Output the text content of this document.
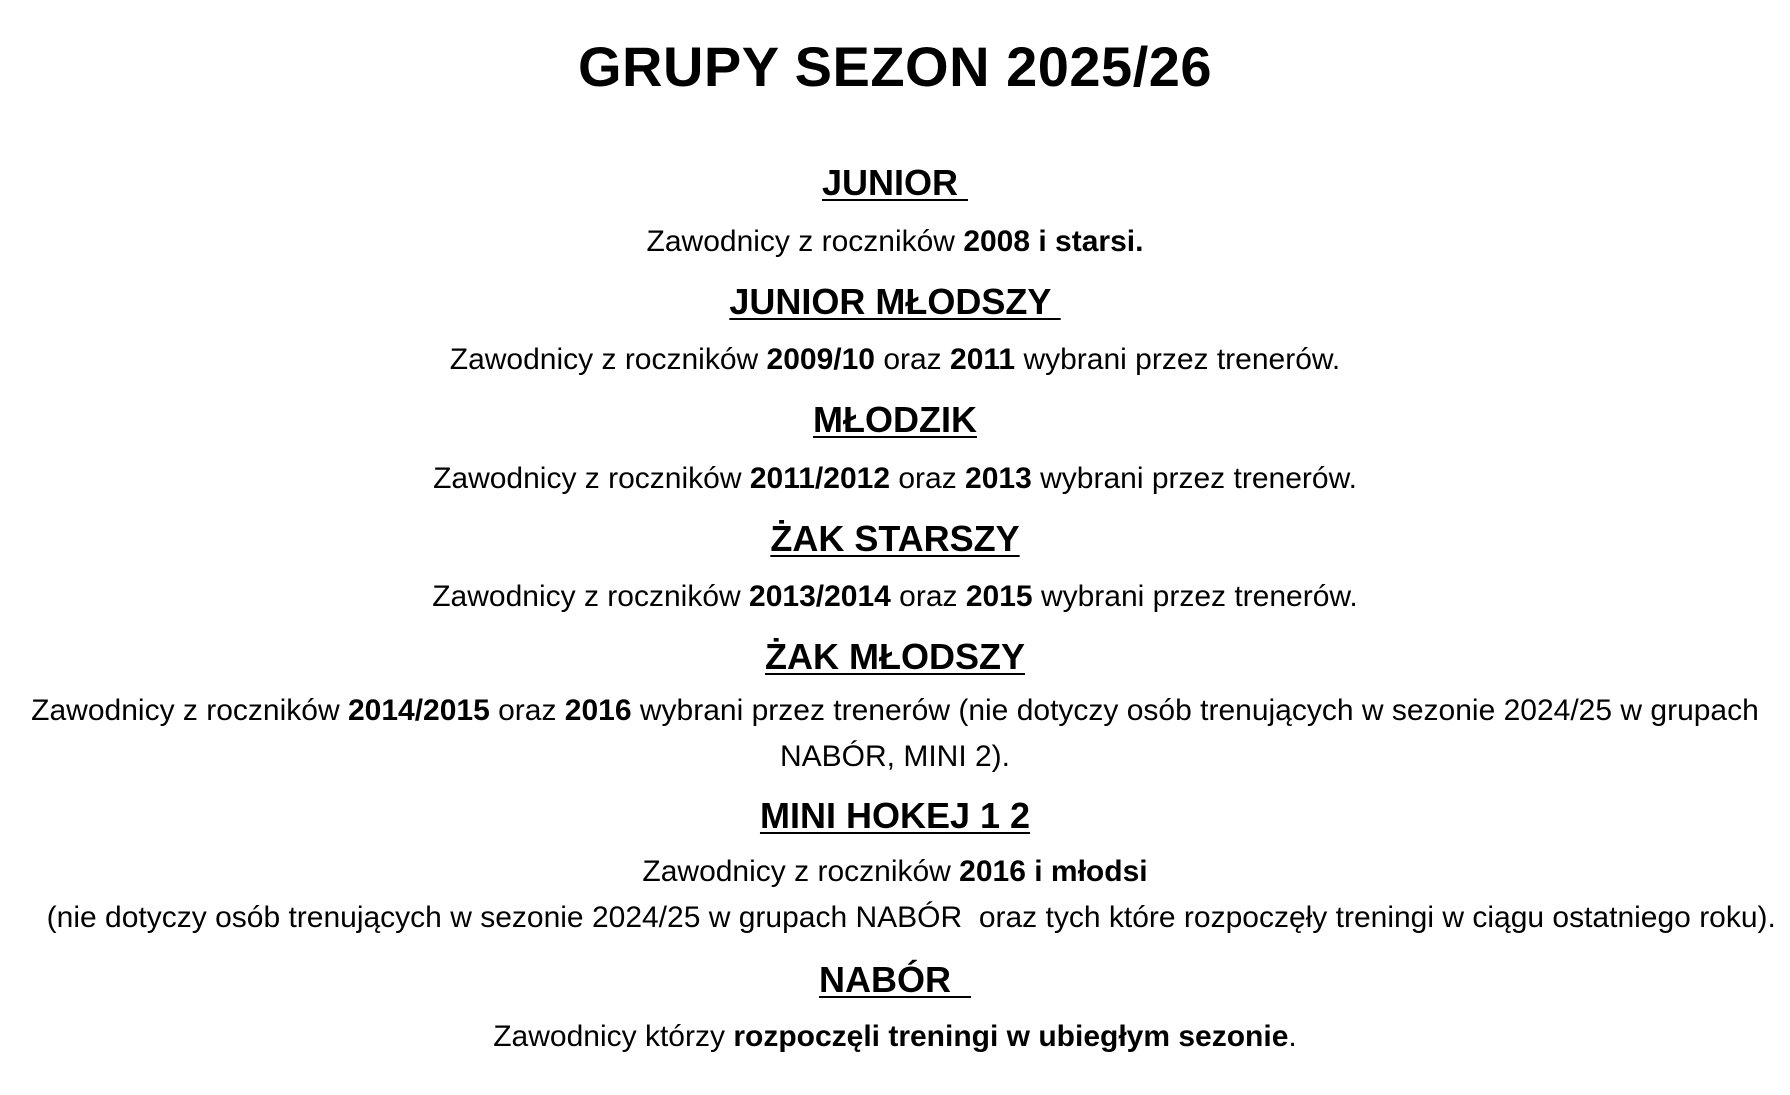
GRUPY SEZON 2025/26
JUNIOR
Zawodnicy z roczników 2008 i starsi.
JUNIOR MŁODSZY
Zawodnicy z roczników 2009/10 oraz 2011 wybrani przez trenerów.
MŁODZIK
Zawodnicy z roczników 2011/2012 oraz 2013 wybrani przez trenerów.
ŻAK STARSZY
Zawodnicy z roczników 2013/2014 oraz 2015 wybrani przez trenerów.
ŻAK MŁODSZY
Zawodnicy z roczników 2014/2015 oraz 2016 wybrani przez trenerów (nie dotyczy osób trenujących w sezonie 2024/25 w grupach NABÓR, MINI 2).
MINI HOKEJ 1 2
Zawodnicy z roczników 2016 i młodsi  (nie dotyczy osób trenujących w sezonie 2024/25 w grupach NABÓR  oraz tych które rozpoczęły treningi w ciągu ostatniego roku).
NABÓR
Zawodnicy którzy rozpoczęli treningi w ubiegłym sezonie.
